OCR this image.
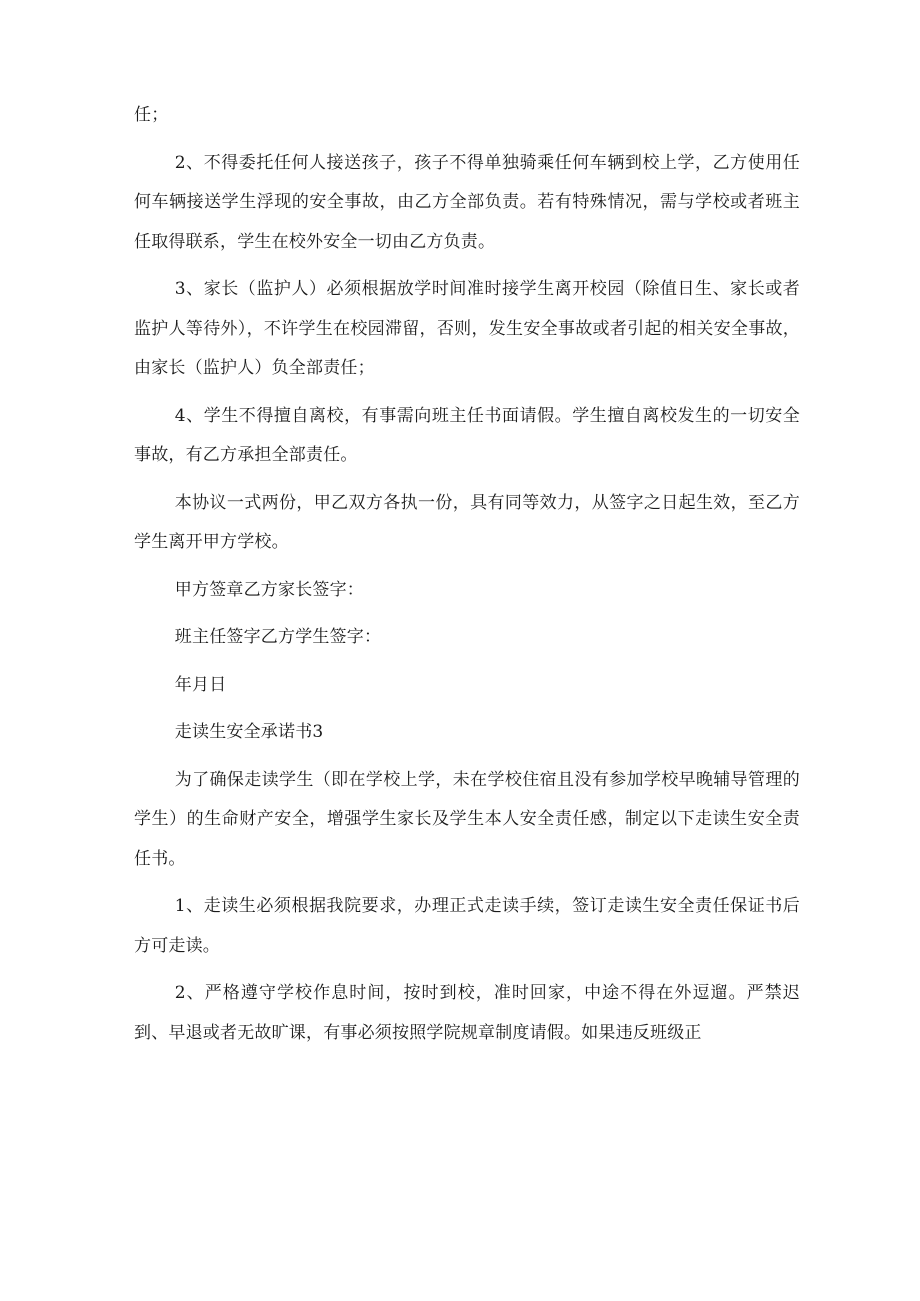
任；

2、不得委托任何人接送孩子，孩子不得单独骑乘任何车辆到校上学，乙方使用任何车辆接送学生浮现的安全事故，由乙方全部负责。若有特殊情况，需与学校或者班主任取得联系，学生在校外安全一切由乙方负责。

3、家长（监护人）必须根据放学时间准时接学生离开校园（除值日生、家长或者监护人等待外），不许学生在校园滞留，否则，发生安全事故或者引起的相关安全事故，由家长（监护人）负全部责任；

4、学生不得擅自离校，有事需向班主任书面请假。学生擅自离校发生的一切安全事故，有乙方承担全部责任。

本协议一式两份，甲乙双方各执一份，具有同等效力，从签字之日起生效，至乙方学生离开甲方学校。

甲方签章乙方家长签字：

班主任签字乙方学生签字：

年月日

走读生安全承诺书3

为了确保走读学生（即在学校上学，未在学校住宿且没有参加学校早晚辅导管理的学生）的生命财产安全，增强学生家长及学生本人安全责任感，制定以下走读生安全责任书。

1、走读生必须根据我院要求，办理正式走读手续，签订走读生安全责任保证书后方可走读。

2、严格遵守学校作息时间，按时到校，准时回家，中途不得在外逗遛。严禁迟到、早退或者无故旷课，有事必须按照学院规章制度请假。如果违反班级正
